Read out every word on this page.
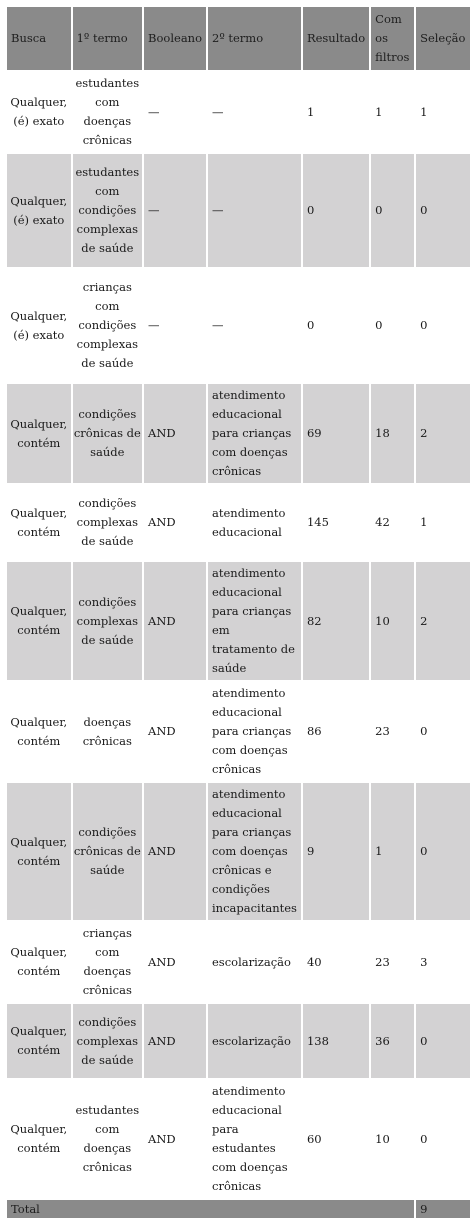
Busca	1º termo	Booleano	2º termo	Resultado	Com os filtros	Seleção
Qualquer, (é) exato	estudantes com doenças crônicas	—	—	1	1	1
Qualquer, (é) exato	estudantes com condições complexas de saúde	—	—	0	0	0
Qualquer, (é) exato	crianças com condições complexas de saúde	—	—	0	0	0
Qualquer, contém	condições crônicas de saúde	AND	atendimento educacional para crianças com doenças crônicas	69	18	2
Qualquer, contém	condições complexas de saúde	AND	atendimento educacional	145	42	1
Qualquer, contém	condições complexas de saúde	AND	atendimento educacional para crianças em tratamento de saúde	82	10	2
Qualquer, contém	doenças crônicas	AND	atendimento educacional para crianças com doenças crônicas	86	23	0
Qualquer, contém	condições crônicas de saúde	AND	atendimento educacional para crianças com doenças crônicas e condições incapacitantes	9	1	0
Qualquer, contém	crianças com doenças crônicas	AND	escolarização	40	23	3
Qualquer, contém	condições complexas de saúde	AND	escolarização	138	36	0
Qualquer, contém	estudantes com doenças crônicas	AND	atendimento educacional para estudantes com doenças crônicas	60	10	0
Total						9
